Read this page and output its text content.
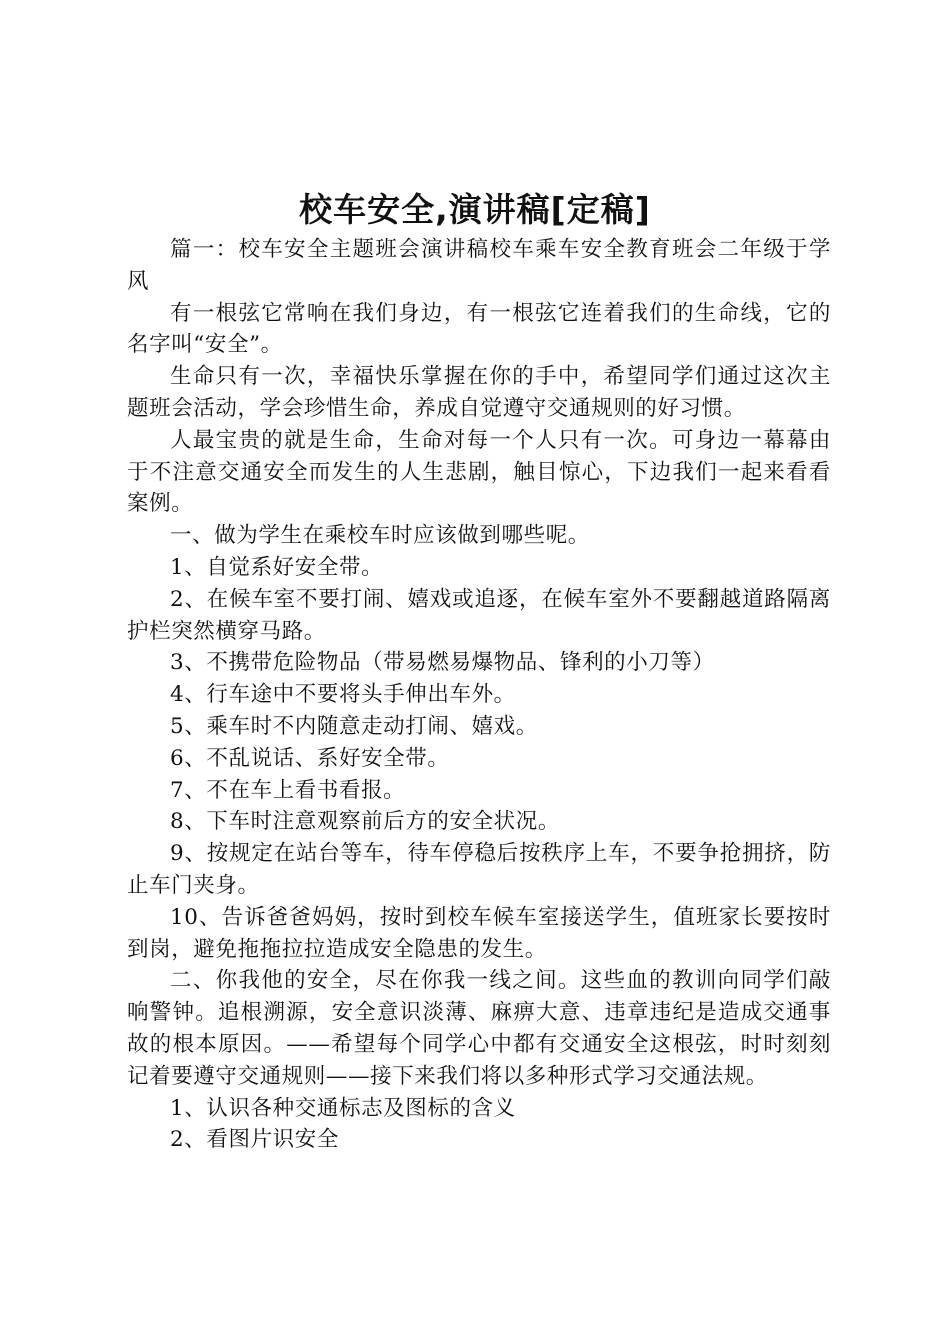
校车安全,演讲稿[定稿]

篇一：校车安全主题班会演讲稿校车乘车安全教育班会二年级于学风

有一根弦它常响在我们身边，有一根弦它连着我们的生命线，它的名字叫“安全”。

生命只有一次，幸福快乐掌握在你的手中，希望同学们通过这次主题班会活动，学会珍惜生命，养成自觉遵守交通规则的好习惯。

人最宝贵的就是生命，生命对每一个人只有一次。可身边一幕幕由于不注意交通安全而发生的人生悲剧，触目惊心，下边我们一起来看看案例。

一、做为学生在乘校车时应该做到哪些呢。

1、自觉系好安全带。

2、在候车室不要打闹、嬉戏或追逐，在候车室外不要翻越道路隔离护栏突然横穿马路。

3、不携带危险物品（带易燃易爆物品、锋利的小刀等）

4、行车途中不要将头手伸出车外。

5、乘车时不内随意走动打闹、嬉戏。

6、不乱说话、系好安全带。

7、不在车上看书看报。

8、下车时注意观察前后方的安全状况。

9、按规定在站台等车，待车停稳后按秩序上车，不要争抢拥挤，防止车门夹身。

10、告诉爸爸妈妈，按时到校车候车室接送学生，值班家长要按时到岗，避免拖拖拉拉造成安全隐患的发生。

二、你我他的安全，尽在你我一线之间。这些血的教训向同学们敲响警钟。追根溯源，安全意识淡薄、麻痹大意、违章违纪是造成交通事故的根本原因。——希望每个同学心中都有交通安全这根弦，时时刻刻记着要遵守交通规则——接下来我们将以多种形式学习交通法规。

1、认识各种交通标志及图标的含义

2、看图片识安全
